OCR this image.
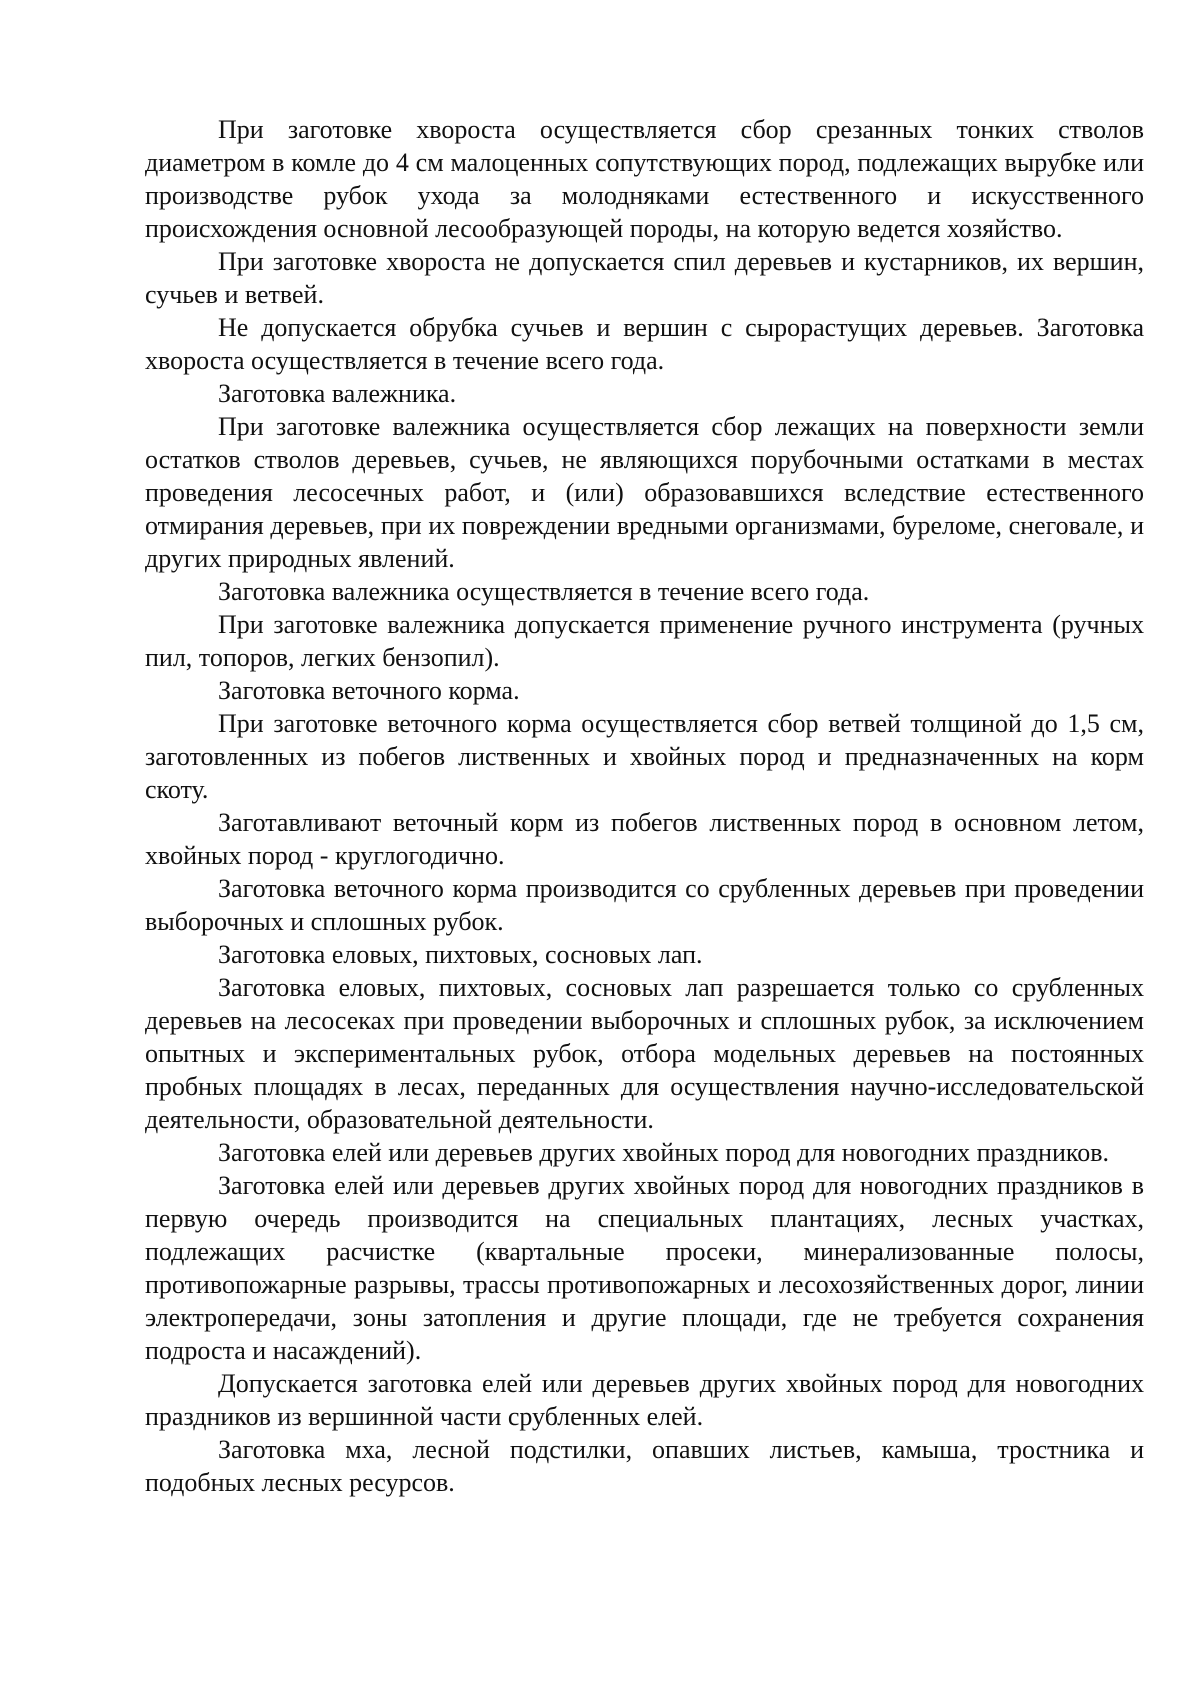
При заготовке хвороста осуществляется сбор срезанных тонких стволов диаметром в комле до 4 см малоценных сопутствующих пород, подлежащих вырубке или производстве рубок ухода за молодняками естественного и искусственного происхождения основной лесообразующей породы, на которую ведется хозяйство.

При заготовке хвороста не допускается спил деревьев и кустарников, их вершин, сучьев и ветвей.

Не допускается обрубка сучьев и вершин с сырорастущих деревьев. Заготовка хвороста осуществляется в течение всего года.

Заготовка валежника.

При заготовке валежника осуществляется сбор лежащих на поверхности земли остатков стволов деревьев, сучьев, не являющихся порубочными остатками в местах проведения лесосечных работ, и (или) образовавшихся вследствие естественного отмирания деревьев, при их повреждении вредными организмами, буреломе, снеговале, и других природных явлений.

Заготовка валежника осуществляется в течение всего года.

При заготовке валежника допускается применение ручного инструмента (ручных пил, топоров, легких бензопил).

Заготовка веточного корма.

При заготовке веточного корма осуществляется сбор ветвей толщиной до 1,5 см, заготовленных из побегов лиственных и хвойных пород и предназначенных на корм скоту.

Заготавливают веточный корм из побегов лиственных пород в основном летом, хвойных пород - круглогодично.

Заготовка веточного корма производится со срубленных деревьев при проведении выборочных и сплошных рубок.

Заготовка еловых, пихтовых, сосновых лап.

Заготовка еловых, пихтовых, сосновых лап разрешается только со срубленных деревьев на лесосеках при проведении выборочных и сплошных рубок, за исключением опытных и экспериментальных рубок, отбора модельных деревьев на постоянных пробных площадях в лесах, переданных для осуществления научно-исследовательской деятельности, образовательной деятельности.

Заготовка елей или деревьев других хвойных пород для новогодних праздников.

Заготовка елей или деревьев других хвойных пород для новогодних праздников в первую очередь производится на специальных плантациях, лесных участках, подлежащих расчистке (квартальные просеки, минерализованные полосы, противопожарные разрывы, трассы противопожарных и лесохозяйственных дорог, линии электропередачи, зоны затопления и другие площади, где не требуется сохранения подроста и насаждений).

Допускается заготовка елей или деревьев других хвойных пород для новогодних праздников из вершинной части срубленных елей.

Заготовка мха, лесной подстилки, опавших листьев, камыша, тростника и подобных лесных ресурсов.
